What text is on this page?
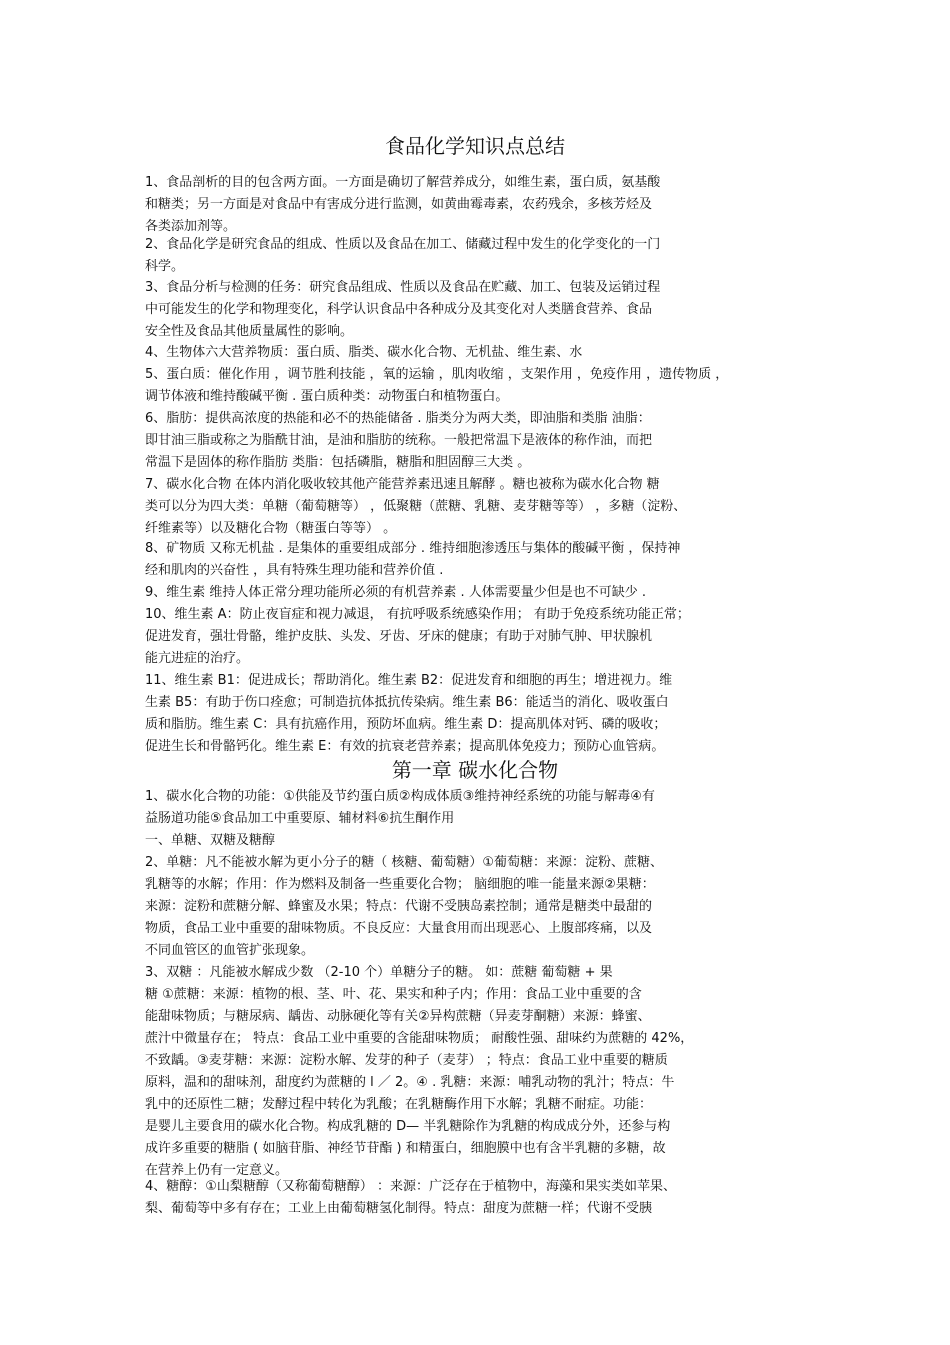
食品化学知识点总结
1、食品剖析的目的包含两方面。一方面是确切了解营养成分，如维生素，蛋白质，氨基酸
和糖类；另一方面是对食品中有害成分进行监测，如黄曲霉毒素，农药残余，多核芳烃及
各类添加剂等。
2、食品化学是研究食品的组成、性质以及食品在加工、储藏过程中发生的化学变化的一门
科学。
3、食品分析与检测的任务：研究食品组成、性质以及食品在贮藏、加工、包装及运销过程
中可能发生的化学和物理变化，科学认识食品中各种成分及其变化对人类膳食营养、食品
安全性及食品其他质量属性的影响。
4、生物体六大营养物质：蛋白质、脂类、碳水化合物、无机盐、维生素、水
5、蛋白质：催化作用 ，调节胜利技能 ，氧的运输 ，肌肉收缩 ，支架作用 ，免疫作用 ，遗传物质 ，
调节体液和维持酸碱平衡 . 蛋白质种类：动物蛋白和植物蛋白。
6、脂肪：提供高浓度的热能和必不的热能储备 . 脂类分为两大类，即油脂和类脂 油脂：
即甘油三脂或称之为脂酰甘油，是油和脂肪的统称。一般把常温下是液体的称作油，而把
常温下是固体的称作脂肪 类脂：包括磷脂，糖脂和胆固醇三大类 。
7、碳水化合物 在体内消化吸收较其他产能营养素迅速且解酵 。糖也被称为碳水化合物 糖
类可以分为四大类：单糖（葡萄糖等） ，低聚糖（蔗糖、乳糖、麦芽糖等等） ，多糖（淀粉、
纤维素等）以及糖化合物（糖蛋白等等） 。
8、矿物质 又称无机盐 . 是集体的重要组成部分 . 维持细胞渗透压与集体的酸碱平衡 ，保持神
经和肌肉的兴奋性 ，具有特殊生理功能和营养价值 .
9、维生素 维持人体正常分理功能所必须的有机营养素 . 人体需要量少但是也不可缺少 .
10、维生素 A：防止夜盲症和视力减退， 有抗呼吸系统感染作用； 有助于免疫系统功能正常；
促进发育，强壮骨骼，维护皮肤、头发、牙齿、牙床的健康；有助于对肺气肿、甲状腺机
能亢进症的治疗。
11、维生素 B1：促进成长；帮助消化。维生素 B2：促进发育和细胞的再生；增进视力。维
生素 B5：有助于伤口痊愈；可制造抗体抵抗传染病。维生素 B6：能适当的消化、吸收蛋白
质和脂肪。维生素 C：具有抗癌作用，预防坏血病。维生素 D：提高肌体对钙、磷的吸收；
促进生长和骨骼钙化。维生素 E：有效的抗衰老营养素；提高肌体免疫力；预防心血管病。
第一章 碳水化合物
1、碳水化合物的功能：①供能及节约蛋白质②构成体质③维持神经系统的功能与解毒④有
益肠道功能⑤食品加工中重要原、辅材料⑥抗生酮作用
一、单糖、双糖及糖醇
2、单糖：凡不能被水解为更小分子的糖（ 核糖、葡萄糖）①葡萄糖：来源：淀粉、蔗糖、
乳糖等的水解；作用：作为燃料及制备一些重要化合物； 脑细胞的唯一能量来源②果糖：
来源：淀粉和蔗糖分解、蜂蜜及水果；特点：代谢不受胰岛素控制；通常是糖类中最甜的
物质，食品工业中重要的甜味物质。不良反应：大量食用而出现恶心、上腹部疼痛，以及
不同血管区的血管扩张现象。
3、双糖 ：凡能被水解成少数 （2-10 个）单糖分子的糖。 如：蔗糖 葡萄糖 + 果
糖 ①蔗糖：来源：植物的根、茎、叶、花、果实和种子内；作用：食品工业中重要的含
能甜味物质；与糖尿病、龋齿、动脉硬化等有关②异构蔗糖（异麦芽酮糖）来源：蜂蜜、
蔗汁中微量存在； 特点：食品工业中重要的含能甜味物质； 耐酸性强、甜味约为蔗糖的 42%，
不致龋。③麦芽糖：来源：淀粉水解、发芽的种子（麦芽） ；特点：食品工业中重要的糖质
原料，温和的甜味剂，甜度约为蔗糖的 l ／ 2。④ . 乳糖：来源：哺乳动物的乳汁；特点：牛
乳中的还原性二糖；发酵过程中转化为乳酸；在乳糖酶作用下水解；乳糖不耐症。功能：
是婴儿主要食用的碳水化合物。构成乳糖的 D— 半乳糖除作为乳糖的构成成分外，还参与构
成许多重要的糖脂 ( 如脑苷脂、神经节苷酯 ) 和精蛋白，细胞膜中也有含半乳糖的多糖，故
在营养上仍有一定意义。
4、糖醇：①山梨糖醇（又称葡萄糖醇） ：来源：广泛存在于植物中，海藻和果实类如苹果、
梨、葡萄等中多有存在；工业上由葡萄糖氢化制得。特点：甜度为蔗糖一样；代谢不受胰
